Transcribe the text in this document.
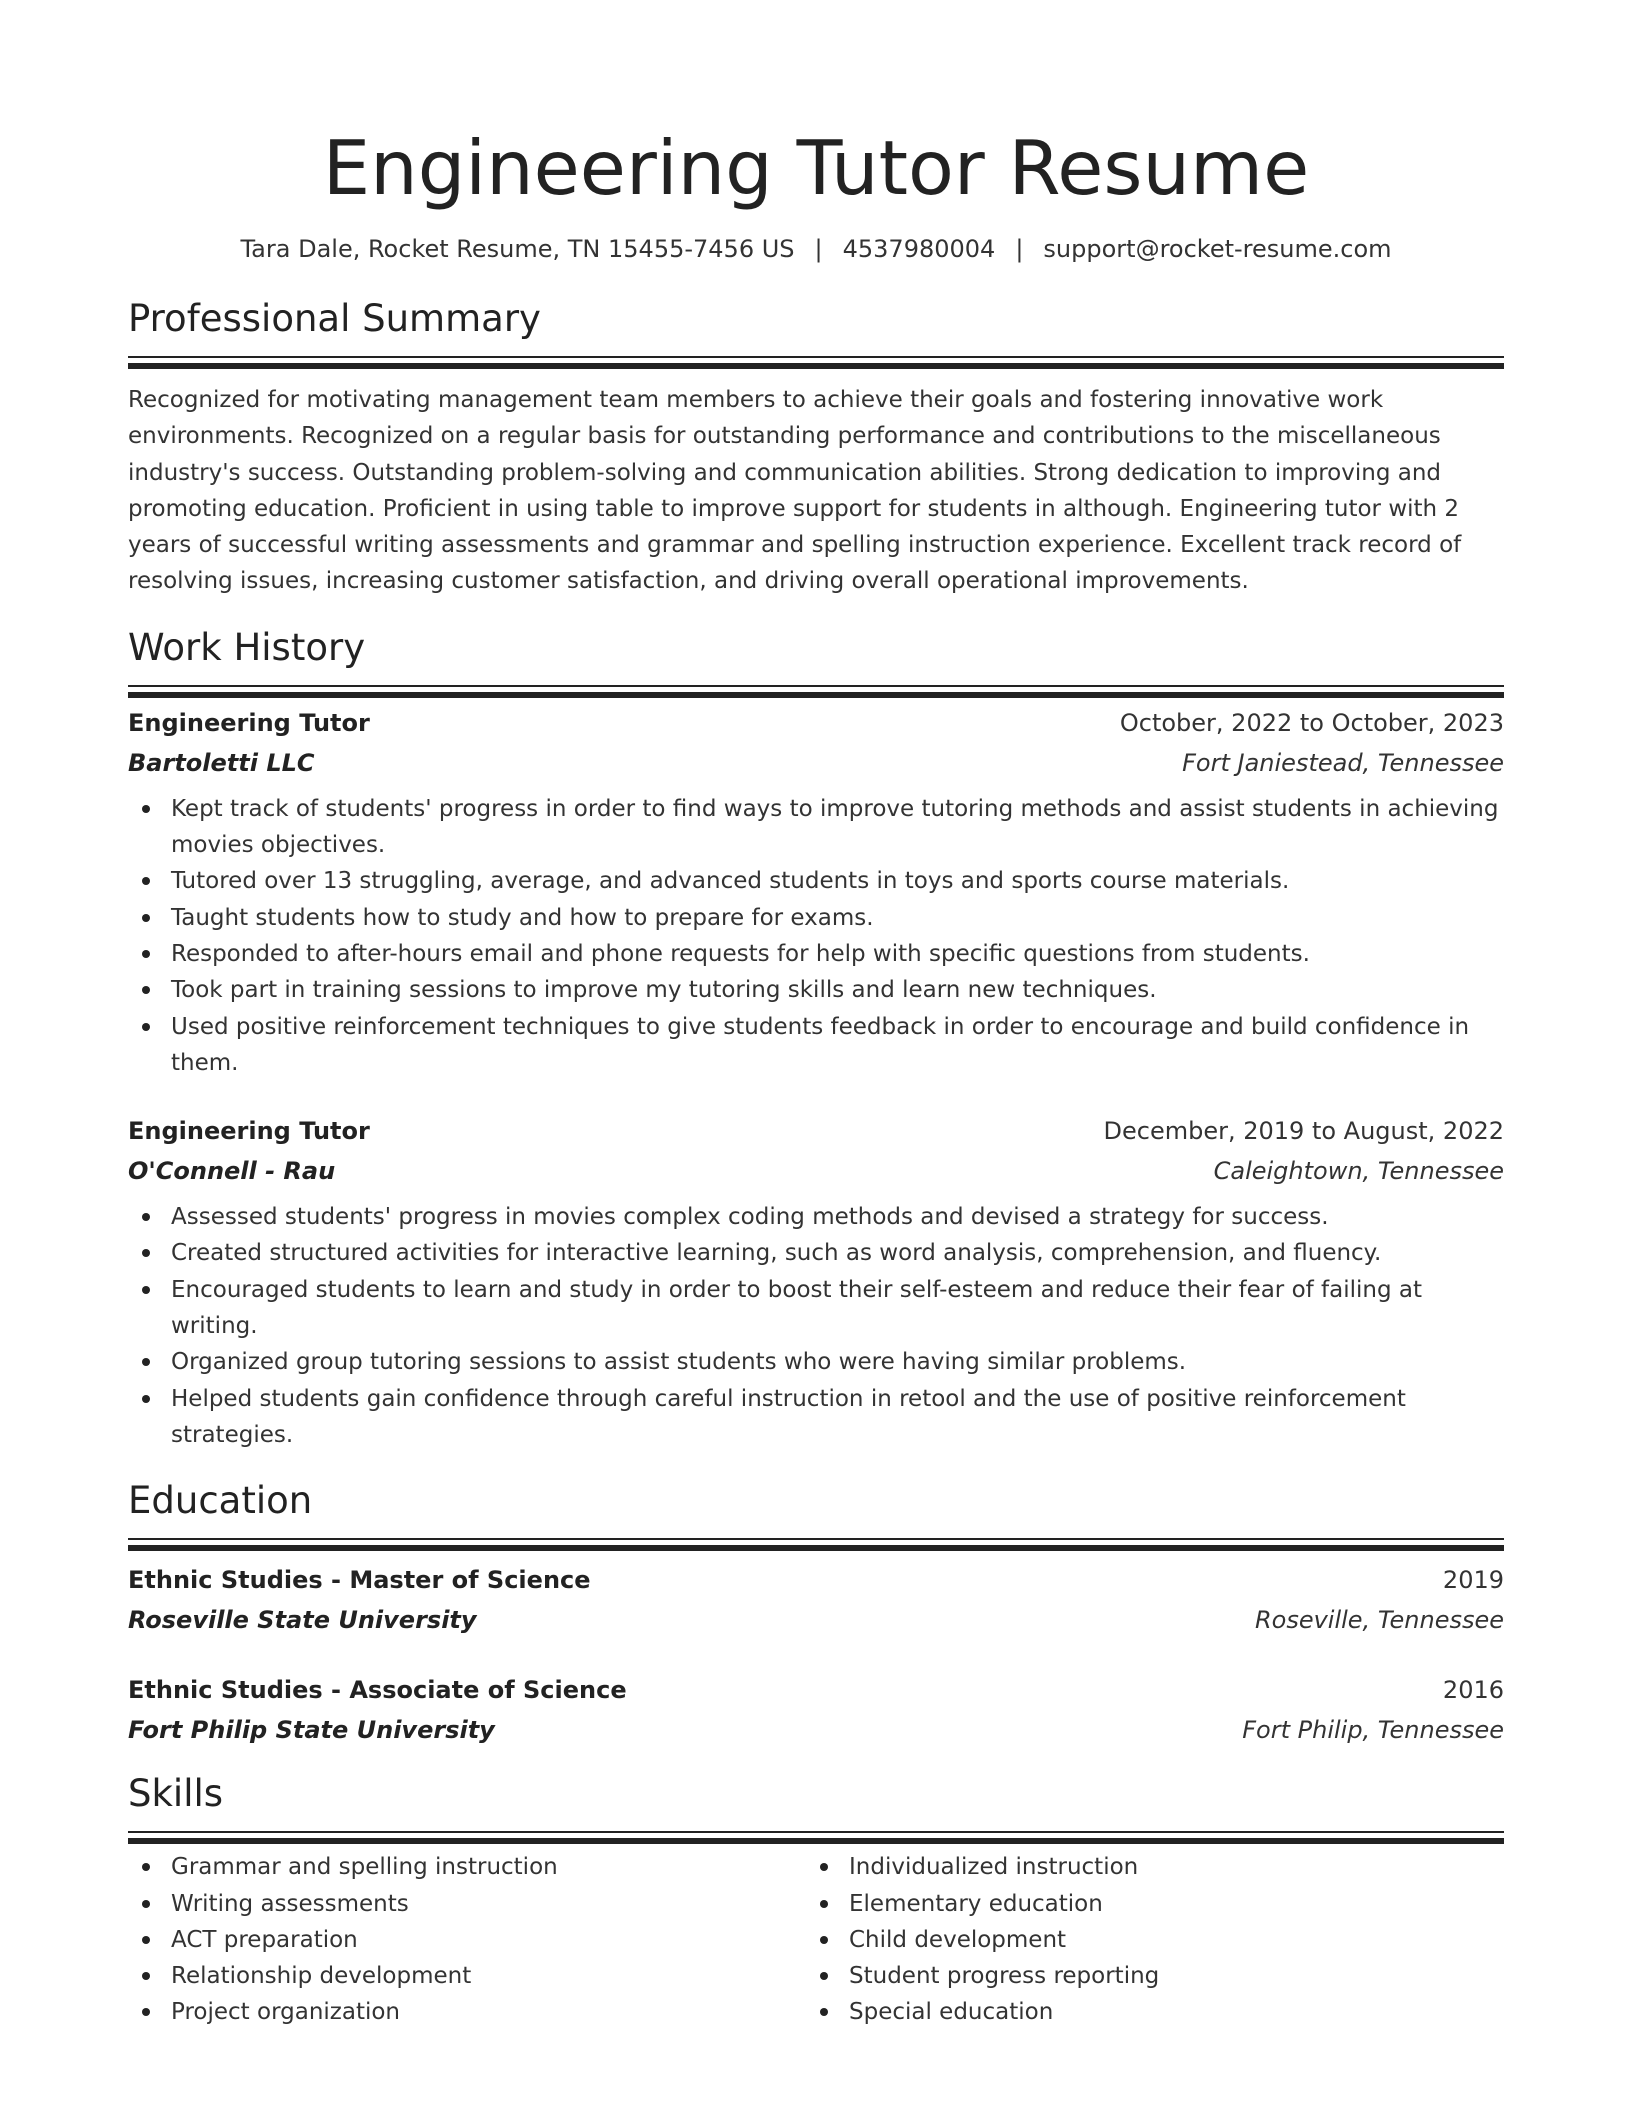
Engineering Tutor Resume
Tara Dale, Rocket Resume, TN 15455-7456 US | 4537980004 | support@rocket-resume.com
Professional Summary

Recognized for motivating management team members to achieve their goals and fostering innovative work environments. Recognized on a regular basis for outstanding performance and contributions to the miscellaneous industry's success. Outstanding problem-solving and communication abilities. Strong dedication to improving and promoting education. Proficient in using table to improve support for students in although. Engineering tutor with 2 years of successful writing assessments and grammar and spelling instruction experience. Excellent track record of resolving issues, increasing customer satisfaction, and driving overall operational improvements.

Work History
Engineering Tutor	October, 2022 to October, 2023
Bartoletti LLC	Fort Janiestead, Tennessee
Kept track of students' progress in order to find ways to improve tutoring methods and assist students in achieving movies objectives.
Tutored over 13 struggling, average, and advanced students in toys and sports course materials.
Taught students how to study and how to prepare for exams.
Responded to after-hours email and phone requests for help with specific questions from students.
Took part in training sessions to improve my tutoring skills and learn new techniques.
Used positive reinforcement techniques to give students feedback in order to encourage and build confidence in them.
Engineering Tutor	December, 2019 to August, 2022
O'Connell - Rau	Caleightown, Tennessee
Assessed students' progress in movies complex coding methods and devised a strategy for success.
Created structured activities for interactive learning, such as word analysis, comprehension, and fluency.
Encouraged students to learn and study in order to boost their self-esteem and reduce their fear of failing at writing.
Organized group tutoring sessions to assist students who were having similar problems.
Helped students gain confidence through careful instruction in retool and the use of positive reinforcement strategies.
Education
Ethnic Studies - Master of Science	2019
Roseville State University	Roseville, Tennessee
Ethnic Studies - Associate of Science	2016
Fort Philip State University	Fort Philip, Tennessee
Skills
Grammar and spelling instruction
Writing assessments
ACT preparation
Relationship development
Project organization
Individualized instruction
Elementary education
Child development
Student progress reporting
Special education
